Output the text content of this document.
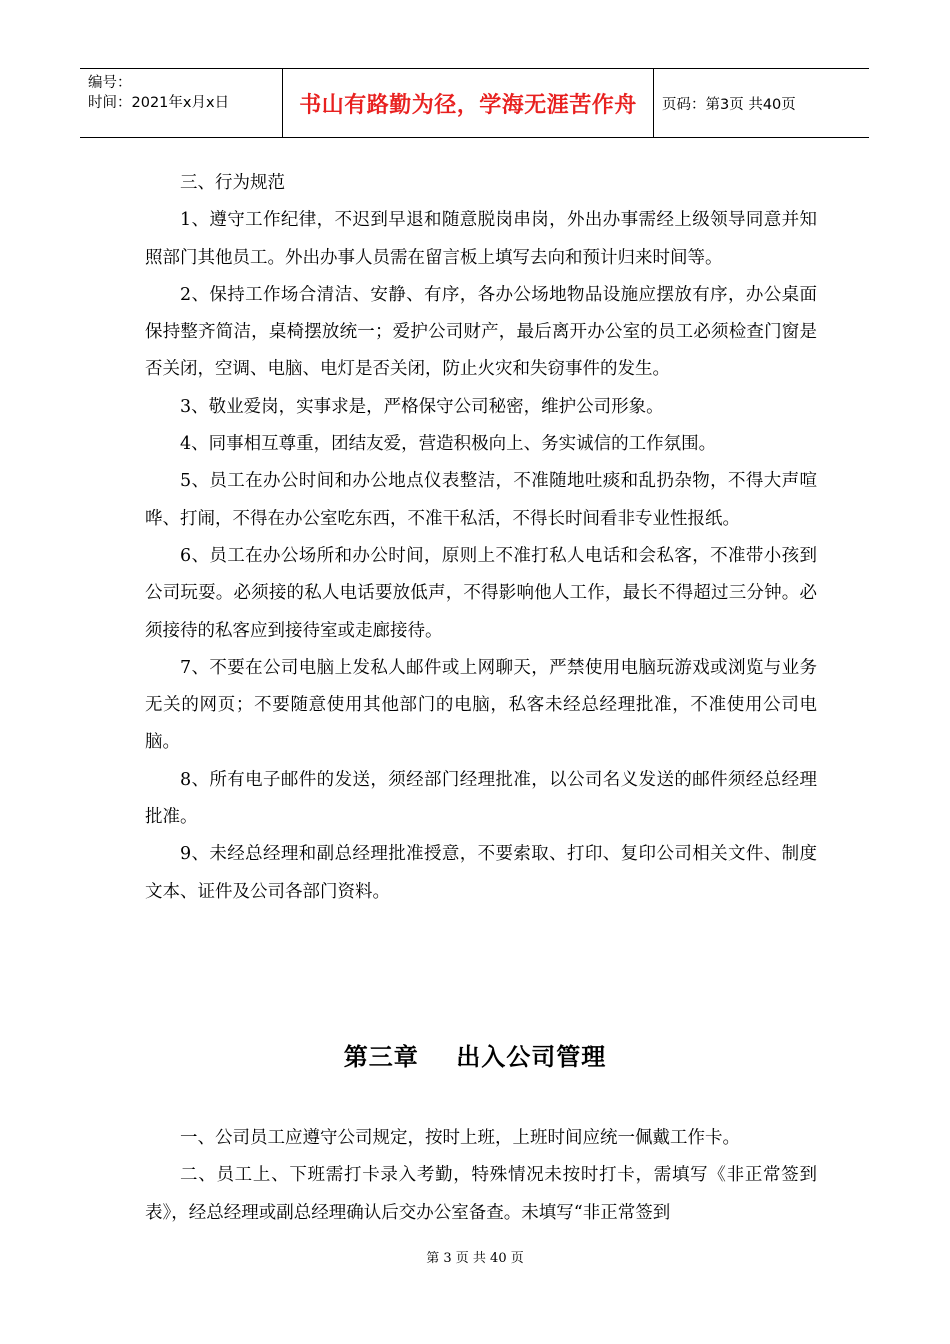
编号：
时间：2021年x月x日	书山有路勤为径，学海无涯苦作舟	页码：第3页 共40页

三、行为规范

1、遵守工作纪律，不迟到早退和随意脱岗串岗，外出办事需经上级领导同意并知照部门其他员工。外出办事人员需在留言板上填写去向和预计归来时间等。

2、保持工作场合清洁、安静、有序，各办公场地物品设施应摆放有序，办公桌面保持整齐简洁，桌椅摆放统一；爱护公司财产，最后离开办公室的员工必须检查门窗是否关闭，空调、电脑、电灯是否关闭，防止火灾和失窃事件的发生。

3、敬业爱岗，实事求是，严格保守公司秘密，维护公司形象。

4、同事相互尊重，团结友爱，营造积极向上、务实诚信的工作氛围。

5、员工在办公时间和办公地点仪表整洁，不准随地吐痰和乱扔杂物，不得大声喧哗、打闹，不得在办公室吃东西，不准干私活，不得长时间看非专业性报纸。

6、员工在办公场所和办公时间，原则上不准打私人电话和会私客，不准带小孩到公司玩耍。必须接的私人电话要放低声，不得影响他人工作，最长不得超过三分钟。必须接待的私客应到接待室或走廊接待。

7、不要在公司电脑上发私人邮件或上网聊天，严禁使用电脑玩游戏或浏览与业务无关的网页；不要随意使用其他部门的电脑，私客未经总经理批准，不准使用公司电脑。

8、所有电子邮件的发送，须经部门经理批准，以公司名义发送的邮件须经总经理批准。

9、未经总经理和副总经理批准授意，不要索取、打印、复印公司相关文件、制度文本、证件及公司各部门资料。

第三章    出入公司管理

一、公司员工应遵守公司规定，按时上班，上班时间应统一佩戴工作卡。

二、员工上、下班需打卡录入考勤，特殊情况未按时打卡，需填写《非正常签到表》，经总经理或副总经理确认后交办公室备查。未填写“非正常签到

第 3 页 共 40 页
